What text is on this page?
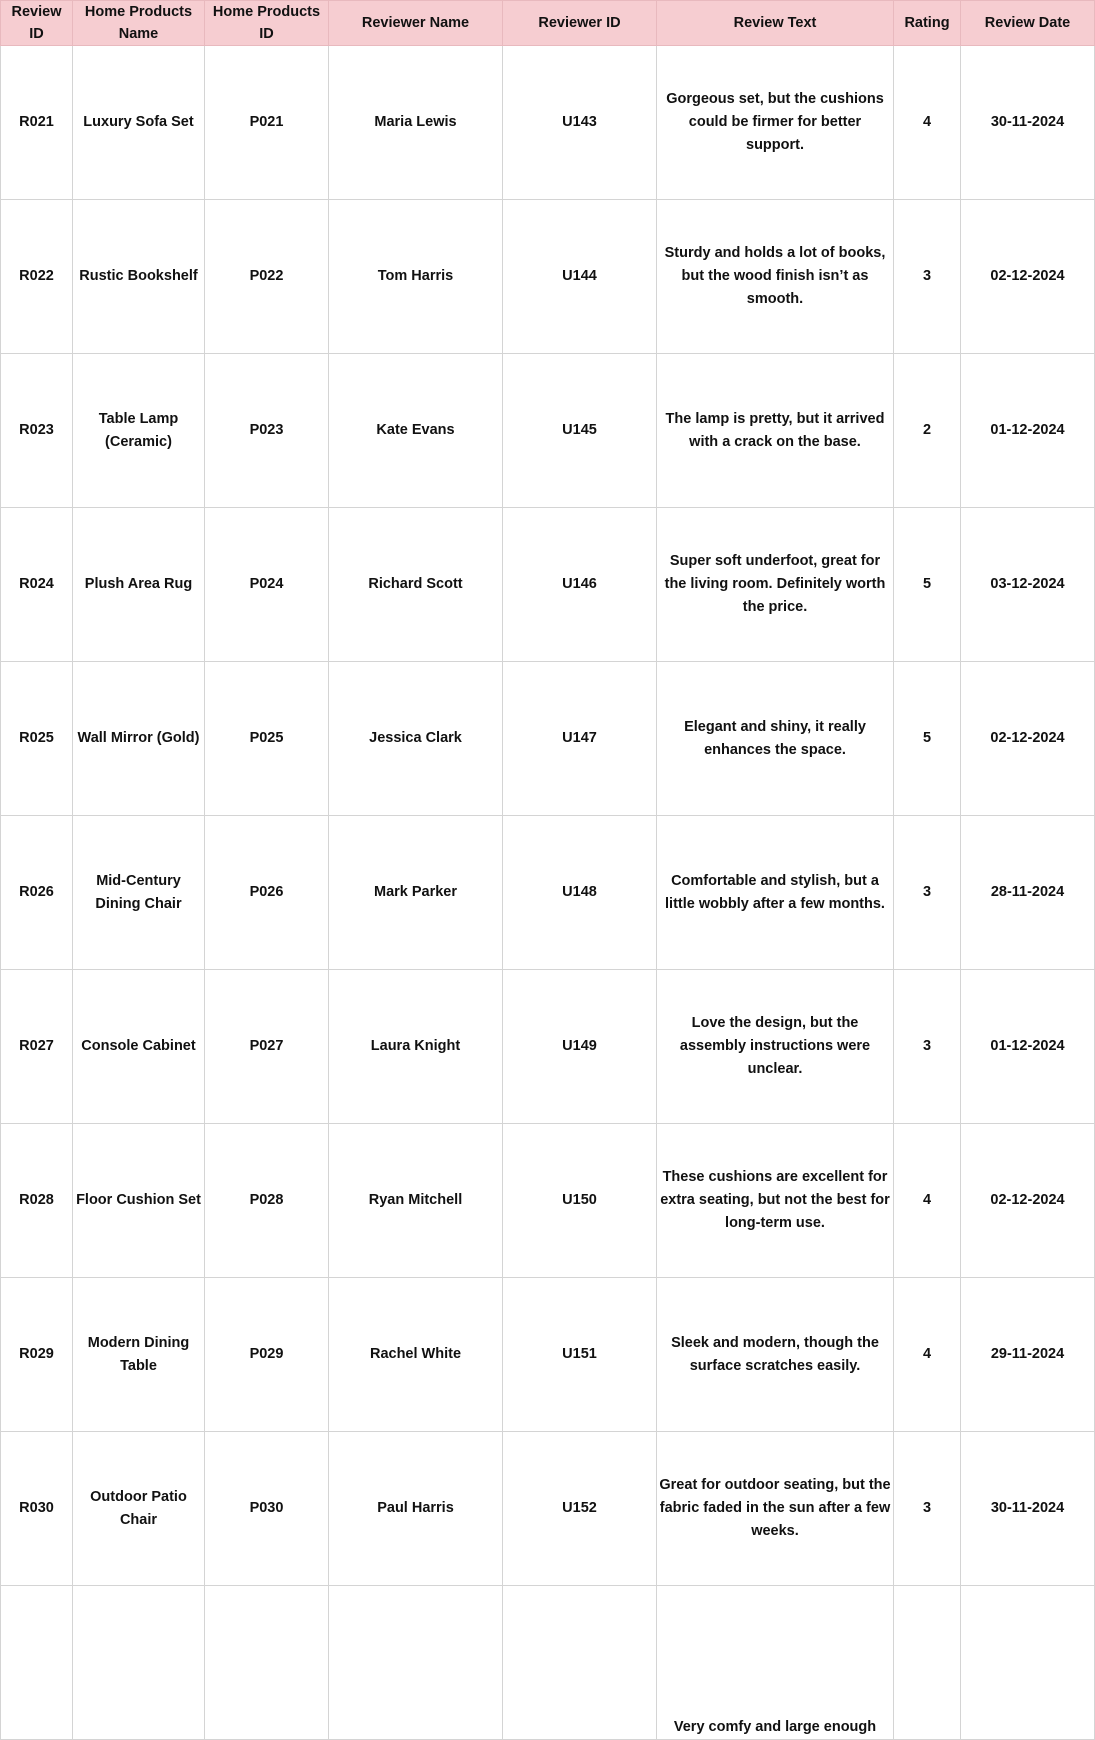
Review ID	Home Products Name	Home Products ID	Reviewer Name	Reviewer ID	Review Text	Rating	Review Date
R021	Luxury Sofa Set	P021	Maria Lewis	U143	Gorgeous set, but the cushions could be firmer for better support.	4	30-11-2024
R022	Rustic Bookshelf	P022	Tom Harris	U144	Sturdy and holds a lot of books, but the wood finish isn’t as smooth.	3	02-12-2024
R023	Table Lamp (Ceramic)	P023	Kate Evans	U145	The lamp is pretty, but it arrived with a crack on the base.	2	01-12-2024
R024	Plush Area Rug	P024	Richard Scott	U146	Super soft underfoot, great for the living room. Definitely worth the price.	5	03-12-2024
R025	Wall Mirror (Gold)	P025	Jessica Clark	U147	Elegant and shiny, it really enhances the space.	5	02-12-2024
R026	Mid-Century Dining Chair	P026	Mark Parker	U148	Comfortable and stylish, but a little wobbly after a few months.	3	28-11-2024
R027	Console Cabinet	P027	Laura Knight	U149	Love the design, but the assembly instructions were unclear.	3	01-12-2024
R028	Floor Cushion Set	P028	Ryan Mitchell	U150	These cushions are excellent for extra seating, but not the best for long-term use.	4	02-12-2024
R029	Modern Dining Table	P029	Rachel White	U151	Sleek and modern, though the surface scratches easily.	4	29-11-2024
R030	Outdoor Patio Chair	P030	Paul Harris	U152	Great for outdoor seating, but the fabric faded in the sun after a few weeks.	3	30-11-2024
					Very comfy and large enough		
